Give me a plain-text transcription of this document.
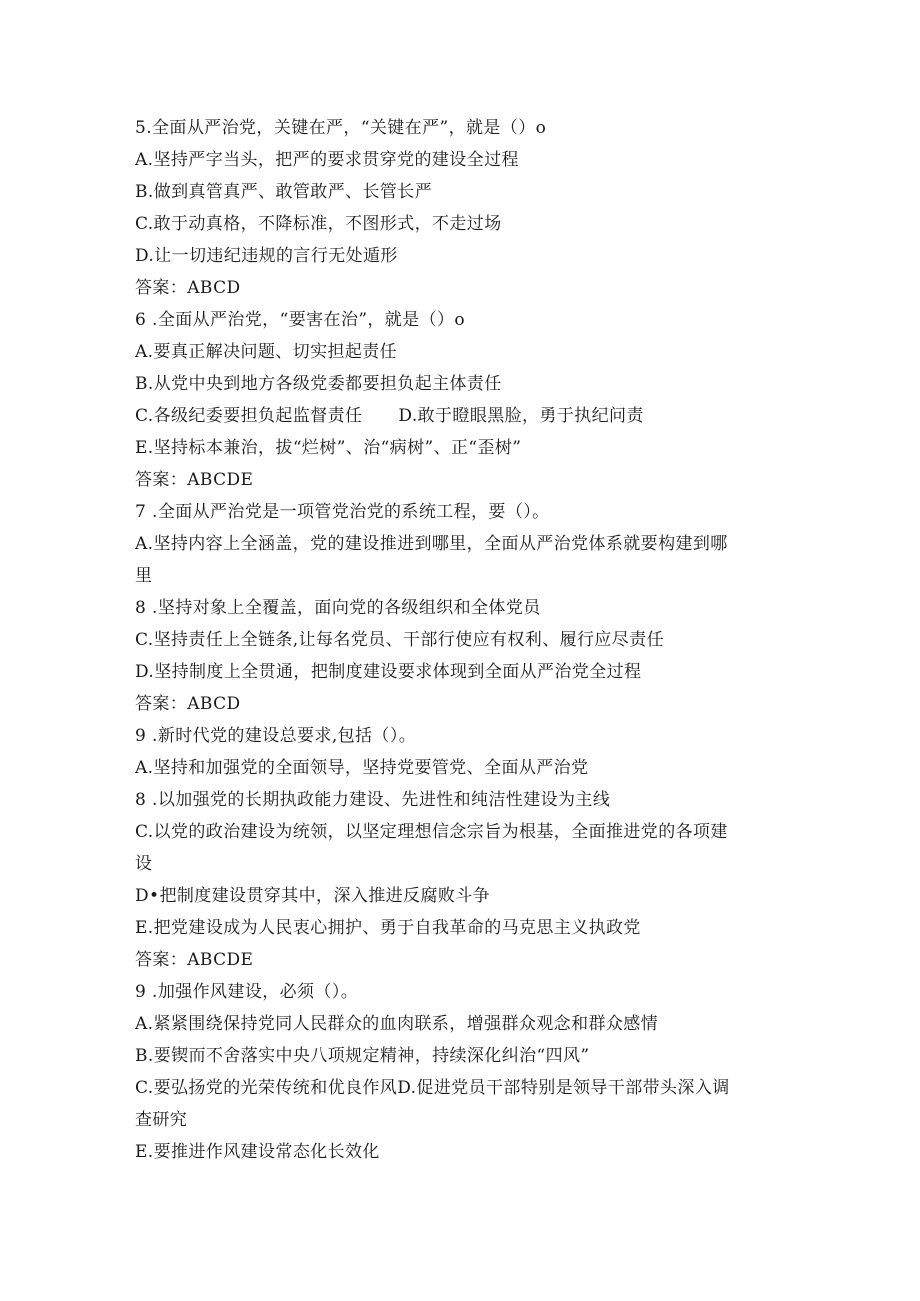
5.全面从严治党，关键在严，“关键在严”，就是（）o
A.坚持严字当头，把严的要求贯穿党的建设全过程
B.做到真管真严、敢管敢严、长管长严
C.敢于动真格，不降标准，不图形式，不走过场
D.让一切违纪违规的言行无处遁形
答案：ABCD
6 .全面从严治党，“要害在治”，就是（）o
A.要真正解决问题、切实担起责任
B.从党中央到地方各级党委都要担负起主体责任
C.各级纪委要担负起监督责任 D.敢于瞪眼黑脸，勇于执纪问责
E.坚持标本兼治，拔“烂树”、治“病树”、正“歪树”
答案：ABCDE
7 .全面从严治党是一项管党治党的系统工程，要（）。
A.坚持内容上全涵盖，党的建设推进到哪里，全面从严治党体系就要构建到哪
里
8 .坚持对象上全覆盖，面向党的各级组织和全体党员
C.坚持责任上全链条,让每名党员、干部行使应有权利、履行应尽责任
D.坚持制度上全贯通，把制度建设要求体现到全面从严治党全过程
答案：ABCD
9 .新时代党的建设总要求,包括（）。
A.坚持和加强党的全面领导，坚持党要管党、全面从严治党
8 .以加强党的长期执政能力建设、先进性和纯洁性建设为主线
C.以党的政治建设为统领，以坚定理想信念宗旨为根基，全面推进党的各项建
设
D•把制度建设贯穿其中，深入推进反腐败斗争
E.把党建设成为人民衷心拥护、勇于自我革命的马克思主义执政党
答案：ABCDE
9 .加强作风建设，必须（）。
A.紧紧围绕保持党同人民群众的血肉联系，增强群众观念和群众感情
B.要锲而不舍落实中央八项规定精神，持续深化纠治“四风”
C.要弘扬党的光荣传统和优良作风D.促进党员干部特别是领导干部带头深入调
查研究
E.要推进作风建设常态化长效化
